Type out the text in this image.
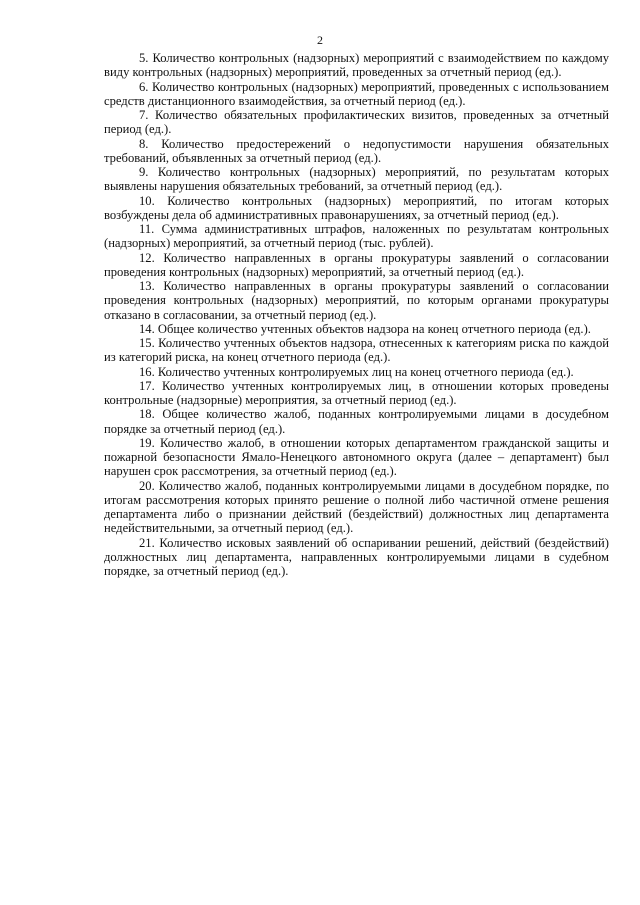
2

5. Количество контрольных (надзорных) мероприятий с взаимодействием по каждому виду контрольных (надзорных) мероприятий, проведенных за отчетный период (ед.).

6. Количество контрольных (надзорных) мероприятий, проведенных с использованием средств дистанционного взаимодействия, за отчетный период (ед.).

7. Количество обязательных профилактических визитов, проведенных за отчетный период (ед.).

8. Количество предостережений о недопустимости нарушения обязательных требований, объявленных за отчетный период (ед.).

9. Количество контрольных (надзорных) мероприятий, по результатам которых выявлены нарушения обязательных требований, за отчетный период (ед.).

10. Количество контрольных (надзорных) мероприятий, по итогам которых возбуждены дела об административных правонарушениях, за отчетный период (ед.).

11. Сумма административных штрафов, наложенных по результатам контрольных (надзорных) мероприятий, за отчетный период (тыс. рублей).

12. Количество направленных в органы прокуратуры заявлений о согласовании проведения контрольных (надзорных) мероприятий, за отчетный период (ед.).

13. Количество направленных в органы прокуратуры заявлений о согласовании проведения контрольных (надзорных) мероприятий, по которым органами прокуратуры отказано в согласовании, за отчетный период (ед.).

14. Общее количество учтенных объектов надзора на конец отчетного периода (ед.).

15. Количество учтенных объектов надзора, отнесенных к категориям риска по каждой из категорий риска, на конец отчетного периода (ед.).

16. Количество учтенных контролируемых лиц на конец отчетного периода (ед.).

17. Количество учтенных контролируемых лиц, в отношении которых проведены контрольные (надзорные) мероприятия, за отчетный период (ед.).

18. Общее количество жалоб, поданных контролируемыми лицами в досудебном порядке за отчетный период (ед.).

19. Количество жалоб, в отношении которых департаментом гражданской защиты и пожарной безопасности Ямало-Ненецкого автономного округа (далее – департамент) был нарушен срок рассмотрения, за отчетный период (ед.).

20. Количество жалоб, поданных контролируемыми лицами в досудебном порядке, по итогам рассмотрения которых принято решение о полной либо частичной отмене решения департамента либо о признании действий (бездействий) должностных лиц департамента недействительными, за отчетный период (ед.).

21. Количество исковых заявлений об оспаривании решений, действий (бездействий) должностных лиц департамента, направленных контролируемыми лицами в судебном порядке, за отчетный период (ед.).
